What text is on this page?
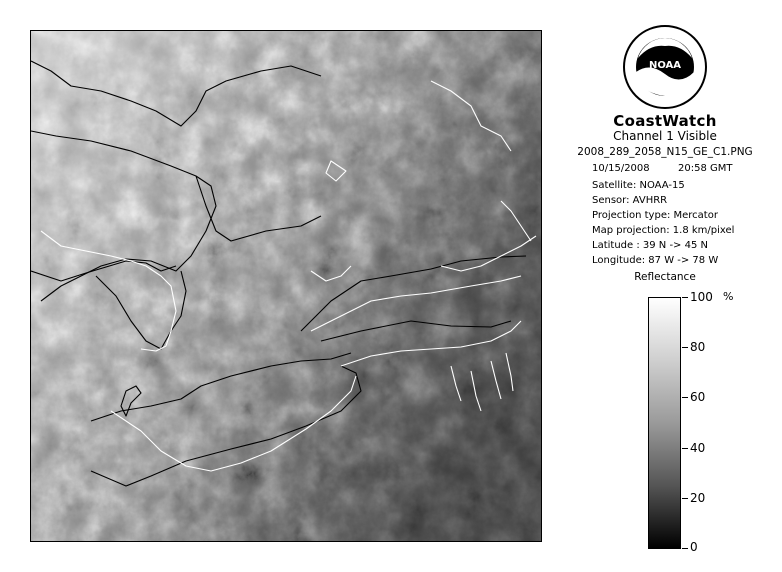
NOAA
CoastWatch
Channel 1 Visible
2008_289_2058_N15_GE_C1.PNG
10/15/2008	20:58 GMT
Satellite: NOAA-15
Sensor: AVHRR
Projection type: Mercator
Map projection: 1.8 km/pixel
Latitude : 39 N -> 45 N
Longitude: 87 W -> 78 W
Reflectance
%
100
80
60
40
20
0
